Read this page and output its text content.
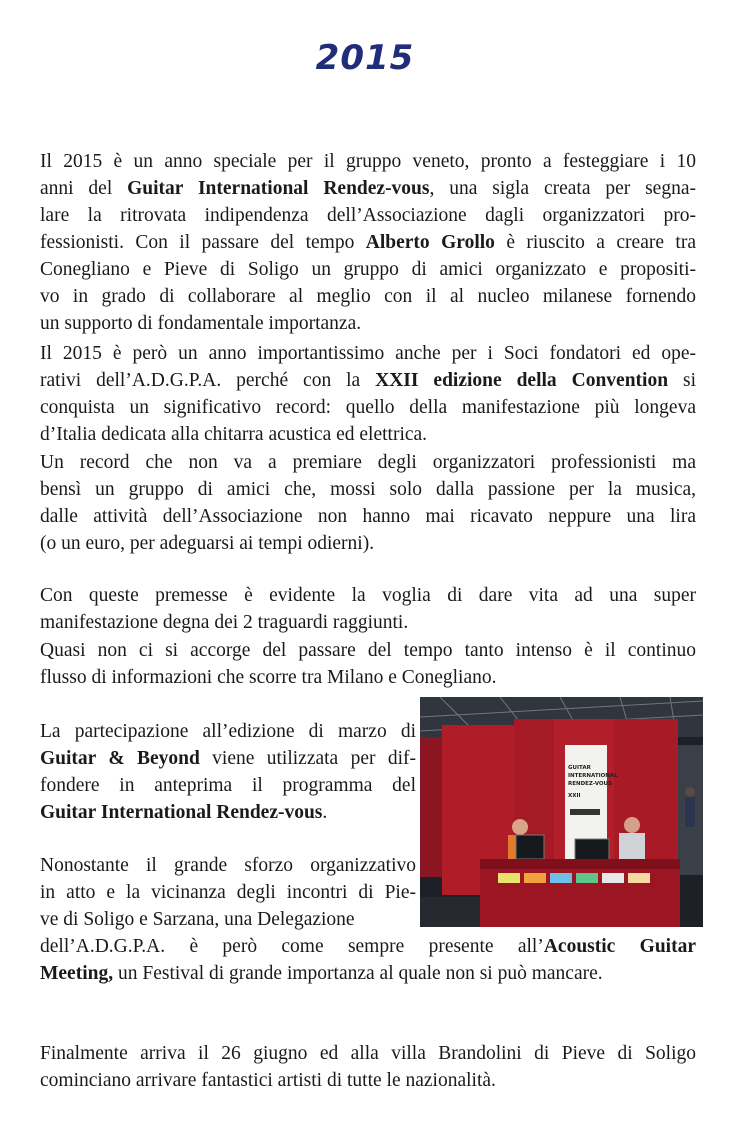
2015
Il 2015 è un anno speciale per il gruppo veneto, pronto a festeggiare i 10
anni del Guitar International Rendez-vous, una sigla creata per segna-
lare la ritrovata indipendenza dell’Associazione dagli organizzatori pro-
fessionisti. Con il passare del tempo Alberto Grollo è riuscito a creare tra
Conegliano e Pieve di Soligo un gruppo di amici organizzato e propositi-
vo in grado di collaborare al meglio con il al nucleo milanese fornendo
un supporto di fondamentale importanza.
Il 2015 è però un anno importantissimo anche per i Soci fondatori ed ope-
rativi dell’A.D.G.P.A. perché con la XXII edizione della Convention si
conquista un significativo record: quello della manifestazione più longeva
d’Italia dedicata alla chitarra acustica ed elettrica.
Un record che non va a premiare degli organizzatori professionisti ma
bensì un gruppo di amici che, mossi solo dalla passione per la musica,
dalle attività dell’Associazione non hanno mai ricavato neppure una lira
(o un euro, per adeguarsi ai tempi odierni).
Con queste premesse è evidente la voglia di dare vita ad una super
manifestazione degna dei 2 traguardi raggiunti.
Quasi non ci si accorge del passare del tempo tanto intenso è il continuo
flusso di informazioni che scorre tra Milano e Conegliano.
La partecipazione all’edizione di marzo di
Guitar & Beyond viene utilizzata per dif-
fondere in anteprima il programma del
Guitar International Rendez-vous.
Nonostante il grande sforzo organizzativo
in atto e la vicinanza degli incontri di Pie-
ve di Soligo e Sarzana, una Delegazione
dell’A.D.G.P.A. è però come sempre presente all’Acoustic Guitar
Meeting, un Festival di grande importanza al quale non si può mancare.
Finalmente arriva il 26 giugno ed alla villa Brandolini di Pieve di Soligo
cominciano arrivare fantastici artisti di tutte le nazionalità.
GUITAR
INTERNATIONAL
RENDEZ-VOUS
XXII
